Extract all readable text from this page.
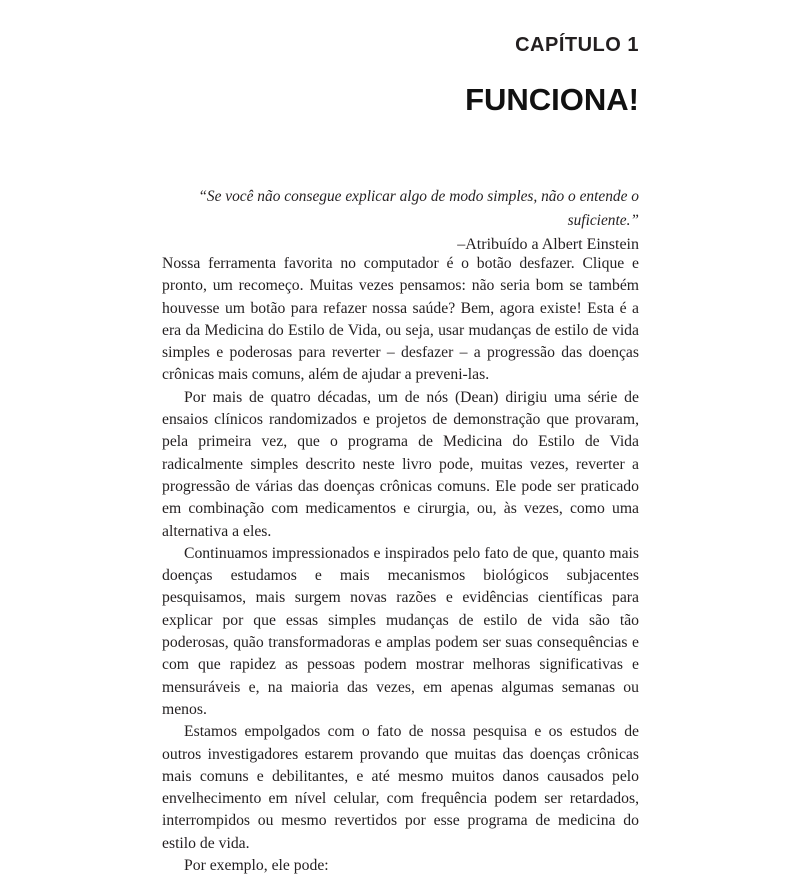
CAPÍTULO 1
FUNCIONA!
“Se você não consegue explicar algo de modo simples, não o entende o suficiente.”
–Atribuído a Albert Einstein

Nossa ferramenta favorita no computador é o botão desfazer. Clique e pronto, um recomeço. Muitas vezes pensamos: não seria bom se também houvesse um botão para refazer nossa saúde? Bem, agora existe! Esta é a era da Medicina do Estilo de Vida, ou seja, usar mudanças de estilo de vida simples e poderosas para reverter – desfazer – a progressão das doenças crônicas mais comuns, além de ajudar a preveni-las.

Por mais de quatro décadas, um de nós (Dean) dirigiu uma série de ensaios clínicos randomizados e projetos de demonstração que provaram, pela primeira vez, que o programa de Medicina do Estilo de Vida radicalmente simples descrito neste livro pode, muitas vezes, reverter a progressão de várias das doenças crônicas comuns. Ele pode ser praticado em combinação com medicamentos e cirurgia, ou, às vezes, como uma alternativa a eles.

Continuamos impressionados e inspirados pelo fato de que, quanto mais doenças estudamos e mais mecanismos biológicos subjacentes pesquisamos, mais surgem novas razões e evidências científicas para explicar por que essas simples mudanças de estilo de vida são tão poderosas, quão transformadoras e amplas podem ser suas consequências e com que rapidez as pessoas podem mostrar melhoras significativas e mensuráveis e, na maioria das vezes, em apenas algumas semanas ou menos.

Estamos empolgados com o fato de nossa pesquisa e os estudos de outros investigadores estarem provando que muitas das doenças crônicas mais comuns e debilitantes, e até mesmo muitos danos causados pelo envelhecimento em nível celular, com frequência podem ser retardados, interrompidos ou mesmo revertidos por esse programa de medicina do estilo de vida.

Por exemplo, ele pode:
